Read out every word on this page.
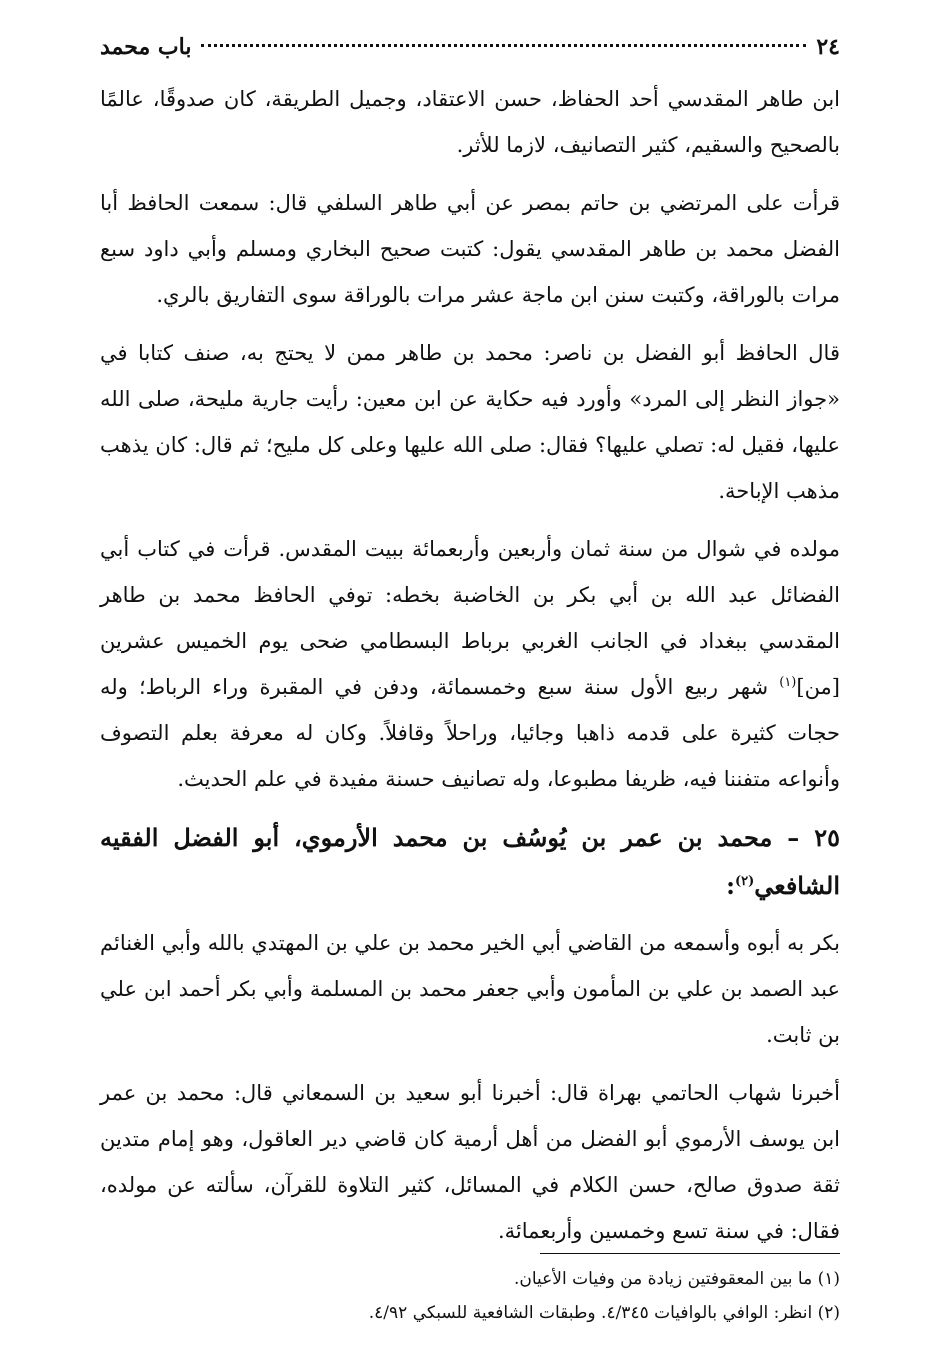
٢٤
باب محمد

ابن طاهر المقدسي أحد الحفاظ، حسن الاعتقاد، وجميل الطريقة، كان صدوقًا، عالمًا بالصحيح والسقيم، كثير التصانيف، لازما للأثر.

قرأت على المرتضي بن حاتم بمصر عن أبي طاهر السلفي قال: سمعت الحافظ أبا الفضل محمد بن طاهر المقدسي يقول: كتبت صحيح البخاري ومسلم وأبي داود سبع مرات بالوراقة، وكتبت سنن ابن ماجة عشر مرات بالوراقة سوى التفاريق بالري.

قال الحافظ أبو الفضل بن ناصر: محمد بن طاهر ممن لا يحتج به، صنف كتابا في «جواز النظر إلى المرد» وأورد فيه حكاية عن ابن معين: رأيت جارية مليحة، صلى الله عليها، فقيل له: تصلي عليها؟ فقال: صلى الله عليها وعلى كل مليح؛ ثم قال: كان يذهب مذهب الإباحة.

مولده في شوال من سنة ثمان وأربعين وأربعمائة ببيت المقدس. قرأت في كتاب أبي الفضائل عبد الله بن أبي بكر بن الخاضبة بخطه: توفي الحافظ محمد بن طاهر المقدسي ببغداد في الجانب الغربي برباط البسطامي ضحى يوم الخميس عشرين [من]$^{(١)}$ شهر ربيع الأول سنة سبع وخمسمائة، ودفن في المقبرة وراء الرباط؛ وله حجات كثيرة على قدمه ذاهبا وجائيا، وراحلاً وقافلاً. وكان له معرفة بعلم التصوف وأنواعه متفننا فيه، ظريفا مطبوعا، وله تصانيف حسنة مفيدة في علم الحديث.

٢٥ – محمد بن عمر بن يُوسُف بن محمد الأرموي، أبو الفضل الفقيه الشافعي$^{(٢)}$:

بكر به أبوه وأسمعه من القاضي أبي الخير محمد بن علي بن المهتدي بالله وأبي الغنائم عبد الصمد بن علي بن المأمون وأبي جعفر محمد بن المسلمة وأبي بكر أحمد ابن علي بن ثابت.

أخبرنا شهاب الحاتمي بهراة قال: أخبرنا أبو سعيد بن السمعاني قال: محمد بن عمر ابن يوسف الأرموي أبو الفضل من أهل أرمية كان قاضي دير العاقول، وهو إمام متدين ثقة صدوق صالح، حسن الكلام في المسائل، كثير التلاوة للقرآن، سألته عن مولده، فقال: في سنة تسع وخمسين وأربعمائة.

(١) ما بين المعقوفتين زيادة من وفيات الأعيان.

(٢) انظر: الوافي بالوافيات ٤/٣٤٥. وطبقات الشافعية للسبكي ٤/٩٢.
